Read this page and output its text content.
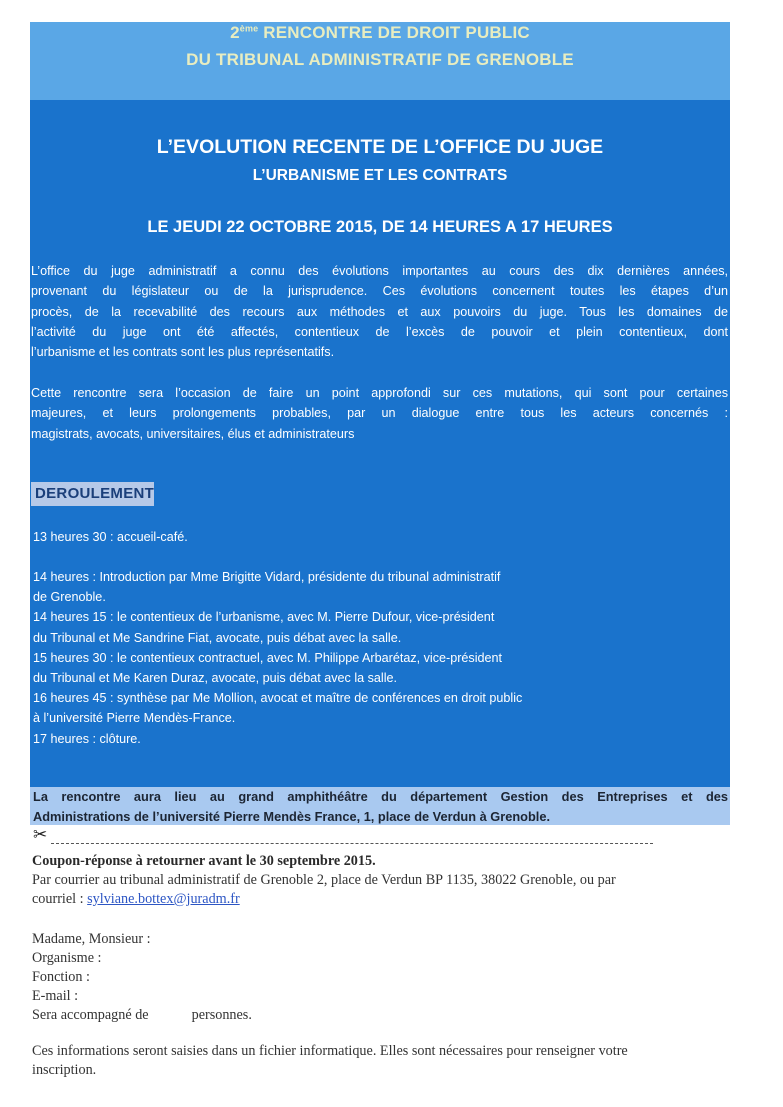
2ème RENCONTRE DE DROIT PUBLIC
DU TRIBUNAL ADMINISTRATIF DE GRENOBLE
L’EVOLUTION RECENTE DE L’OFFICE DU JUGE
L’URBANISME ET LES CONTRATS
LE JEUDI 22 OCTOBRE 2015, DE 14 HEURES A 17 HEURES
L’office du juge administratif a connu des évolutions importantes au cours des dix dernières années,
provenant du législateur ou de la jurisprudence. Ces évolutions concernent toutes les étapes d’un
procès, de la recevabilité des recours aux méthodes et aux pouvoirs du juge. Tous les domaines de
l’activité du juge ont été affectés, contentieux de l’excès de pouvoir et plein contentieux, dont
l’urbanisme et les contrats sont les plus représentatifs.
Cette rencontre sera l’occasion de faire un point approfondi sur ces mutations, qui sont pour certaines
majeures, et leurs prolongements probables, par un dialogue entre tous les acteurs concernés :
magistrats, avocats, universitaires, élus et administrateurs
DEROULEMENT
13 heures 30 : accueil-café.
14 heures : Introduction par Mme Brigitte Vidard, présidente du tribunal administratif
de Grenoble.
14 heures 15 : le contentieux de l’urbanisme, avec M. Pierre Dufour, vice-président
du Tribunal et Me Sandrine Fiat, avocate, puis débat avec la salle.
15 heures 30 : le contentieux contractuel, avec M. Philippe Arbarétaz, vice-président
du Tribunal et Me Karen Duraz, avocate, puis débat avec la salle.
16 heures 45 : synthèse par Me Mollion, avocat et maître de conférences en droit public
à l’université Pierre Mendès-France.
17 heures : clôture.
La rencontre aura lieu au grand amphithéâtre du département Gestion des Entreprises et des
Administrations de l’université Pierre Mendès France, 1, place de Verdun à Grenoble.
✂
Coupon-réponse à retourner avant le 30 septembre 2015.
Par courrier au tribunal administratif de Grenoble 2, place de Verdun BP 1135, 38022 Grenoble, ou par
courriel : sylviane.bottex@juradm.fr
Madame, Monsieur :
Organisme :
Fonction :
E-mail :
Sera accompagné de	personnes.
Ces informations seront saisies dans un fichier informatique. Elles sont nécessaires pour renseigner votre
inscription.
